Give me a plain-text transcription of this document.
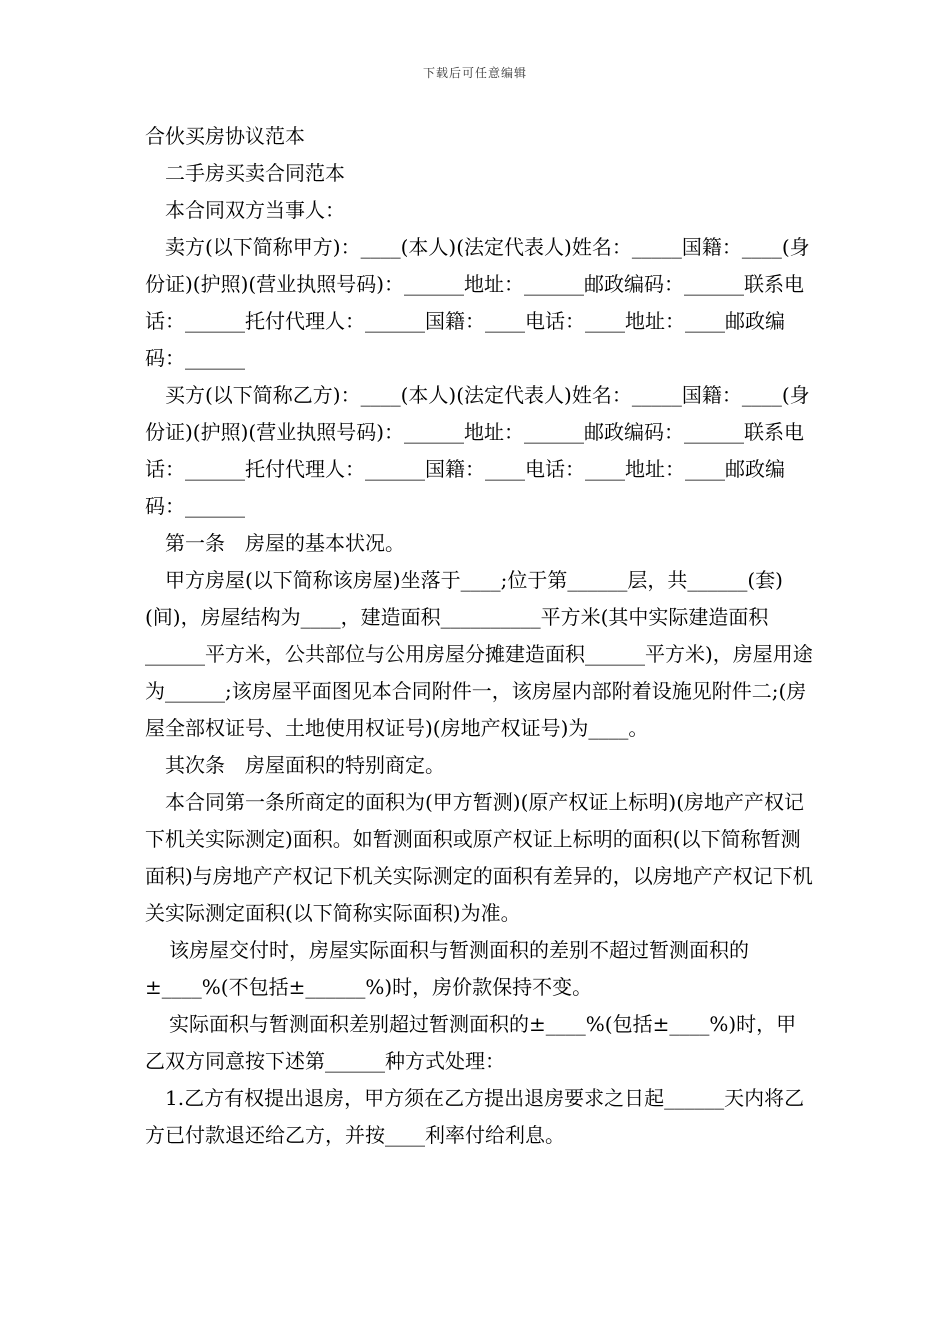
下载后可任意编辑

合伙买房协议范本

二手房买卖合同范本

本合同双方当事人：

卖方(以下简称甲方)：____(本人)(法定代表人)姓名：_____国籍：____(身份证)(护照)(营业执照号码)：______地址：______邮政编码：______联系电话：______托付代理人：______国籍：____电话：____地址：____邮政编码：______

买方(以下简称乙方)：____(本人)(法定代表人)姓名：_____国籍：____(身份证)(护照)(营业执照号码)：______地址：______邮政编码：______联系电话：______托付代理人：______国籍：____电话：____地址：____邮政编码：______

第一条　房屋的基本状况。

甲方房屋(以下简称该房屋)坐落于____;位于第______层，共______(套)(间)，房屋结构为____，建造面积__________平方米(其中实际建造面积______平方米，公共部位与公用房屋分摊建造面积______平方米)，房屋用途为______;该房屋平面图见本合同附件一，该房屋内部附着设施见附件二;(房屋全部权证号、土地使用权证号)(房地产权证号)为____。

其次条　房屋面积的特别商定。

本合同第一条所商定的面积为(甲方暂测)(原产权证上标明)(房地产产权记下机关实际测定)面积。如暂测面积或原产权证上标明的面积(以下简称暂测面积)与房地产产权记下机关实际测定的面积有差异的，以房地产产权记下机关实际测定面积(以下简称实际面积)为准。

该房屋交付时，房屋实际面积与暂测面积的差别不超过暂测面积的±____%(不包括±______%)时，房价款保持不变。

实际面积与暂测面积差别超过暂测面积的±____%(包括±____%)时，甲乙双方同意按下述第______种方式处理：

1.乙方有权提出退房，甲方须在乙方提出退房要求之日起______天内将乙方已付款退还给乙方，并按____利率付给利息。
